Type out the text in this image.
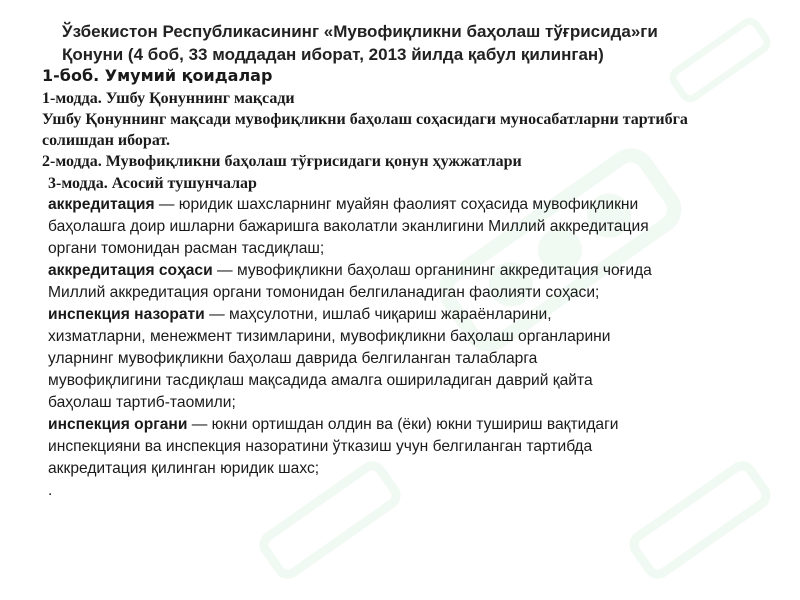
Ўзбекистон Республикасининг «Мувофиқликни баҳолаш тўғрисида»ги
Қонуни (4 боб, 33 моддадан иборат, 2013 йилда қабул қилинган)
1-боб. Умумий қоидалар
1-модда. Ушбу Қонуннинг мақсади
Ушбу Қонуннинг мақсади мувофиқликни баҳолаш соҳасидаги муносабатларни тартибга
солишдан иборат.
2-модда. Мувофиқликни баҳолаш тўғрисидаги қонун ҳужжатлари
3-модда. Асосий тушунчалар
аккредитация — юридик шахсларнинг муайян фаолият соҳасида мувофиқликни
баҳолашга доир ишларни бажаришга ваколатли эканлигини Миллий аккредитация
органи томонидан расман тасдиқлаш;
аккредитация соҳаси — мувофиқликни баҳолаш органининг аккредитация чоғида
Миллий аккредитация органи томонидан белгиланадиган фаолияти соҳаси;
инспекция назорати — маҳсулотни, ишлаб чиқариш жараёнларини,
хизматларни, менежмент тизимларини, мувофиқликни баҳолаш органларини
уларнинг мувофиқликни баҳолаш даврида белгиланган талабларга
мувофиқлигини тасдиқлаш мақсадида амалга ошириладиган даврий қайта
баҳолаш тартиб-таомили;
инспекция органи — юкни ортишдан олдин ва (ёки) юкни тушириш вақтидаги
инспекцияни ва инспекция назоратини ўтказиш учун белгиланган тартибда
аккредитация қилинган юридик шахс;
.
